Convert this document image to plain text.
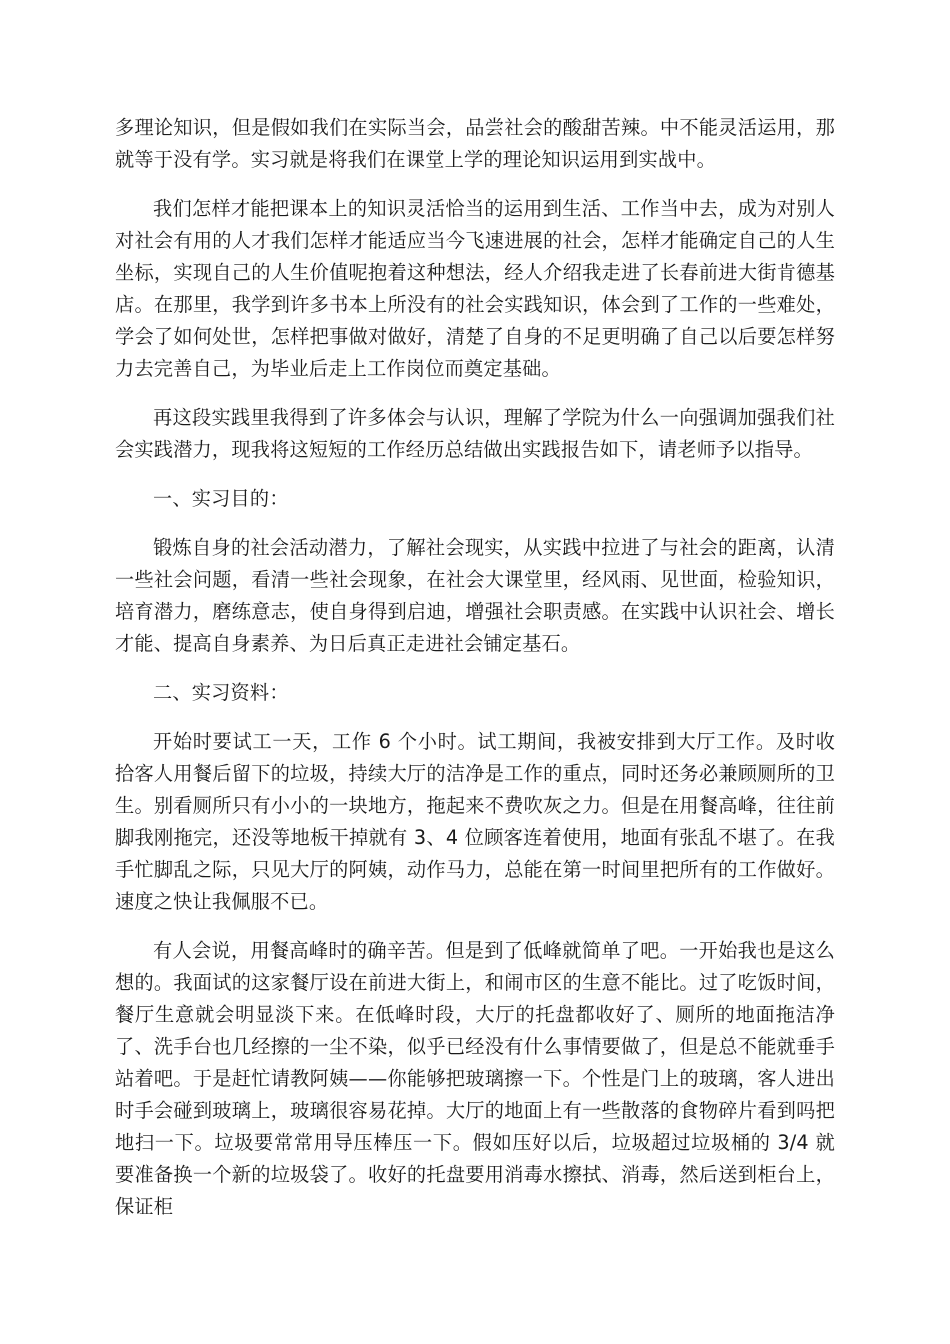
多理论知识，但是假如我们在实际当会，品尝社会的酸甜苦辣。中不能灵活运用，那就等于没有学。实习就是将我们在课堂上学的理论知识运用到实战中。

我们怎样才能把课本上的知识灵活恰当的运用到生活、工作当中去，成为对别人对社会有用的人才我们怎样才能适应当今飞速进展的社会，怎样才能确定自己的人生坐标，实现自己的人生价值呢抱着这种想法，经人介绍我走进了长春前进大街肯德基店。在那里，我学到许多书本上所没有的社会实践知识，体会到了工作的一些难处，学会了如何处世，怎样把事做对做好，清楚了自身的不足更明确了自己以后要怎样努力去完善自己，为毕业后走上工作岗位而奠定基础。

再这段实践里我得到了许多体会与认识，理解了学院为什么一向强调加强我们社会实践潜力，现我将这短短的工作经历总结做出实践报告如下，请老师予以指导。

一、实习目的：

锻炼自身的社会活动潜力，了解社会现实，从实践中拉进了与社会的距离，认清一些社会问题，看清一些社会现象，在社会大课堂里，经风雨、见世面，检验知识，培育潜力，磨练意志，使自身得到启迪，增强社会职责感。在实践中认识社会、增长才能、提高自身素养、为日后真正走进社会铺定基石。

二、实习资料：

开始时要试工一天，工作 6 个小时。试工期间，我被安排到大厅工作。及时收拾客人用餐后留下的垃圾，持续大厅的洁净是工作的重点，同时还务必兼顾厕所的卫生。别看厕所只有小小的一块地方，拖起来不费吹灰之力。但是在用餐高峰，往往前脚我刚拖完，还没等地板干掉就有 3、4 位顾客连着使用，地面有张乱不堪了。在我手忙脚乱之际，只见大厅的阿姨，动作马力，总能在第一时间里把所有的工作做好。速度之快让我佩服不已。

有人会说，用餐高峰时的确辛苦。但是到了低峰就简单了吧。一开始我也是这么想的。我面试的这家餐厅设在前进大街上，和闹市区的生意不能比。过了吃饭时间，餐厅生意就会明显淡下来。在低峰时段，大厅的托盘都收好了、厕所的地面拖洁净了、洗手台也几经擦的一尘不染，似乎已经没有什么事情要做了，但是总不能就垂手站着吧。于是赶忙请教阿姨——你能够把玻璃擦一下。个性是门上的玻璃，客人进出时手会碰到玻璃上，玻璃很容易花掉。大厅的地面上有一些散落的食物碎片看到吗把地扫一下。垃圾要常常用导压棒压一下。假如压好以后，垃圾超过垃圾桶的 3/4 就要准备换一个新的垃圾袋了。收好的托盘要用消毒水擦拭、消毒，然后送到柜台上，保证柜
